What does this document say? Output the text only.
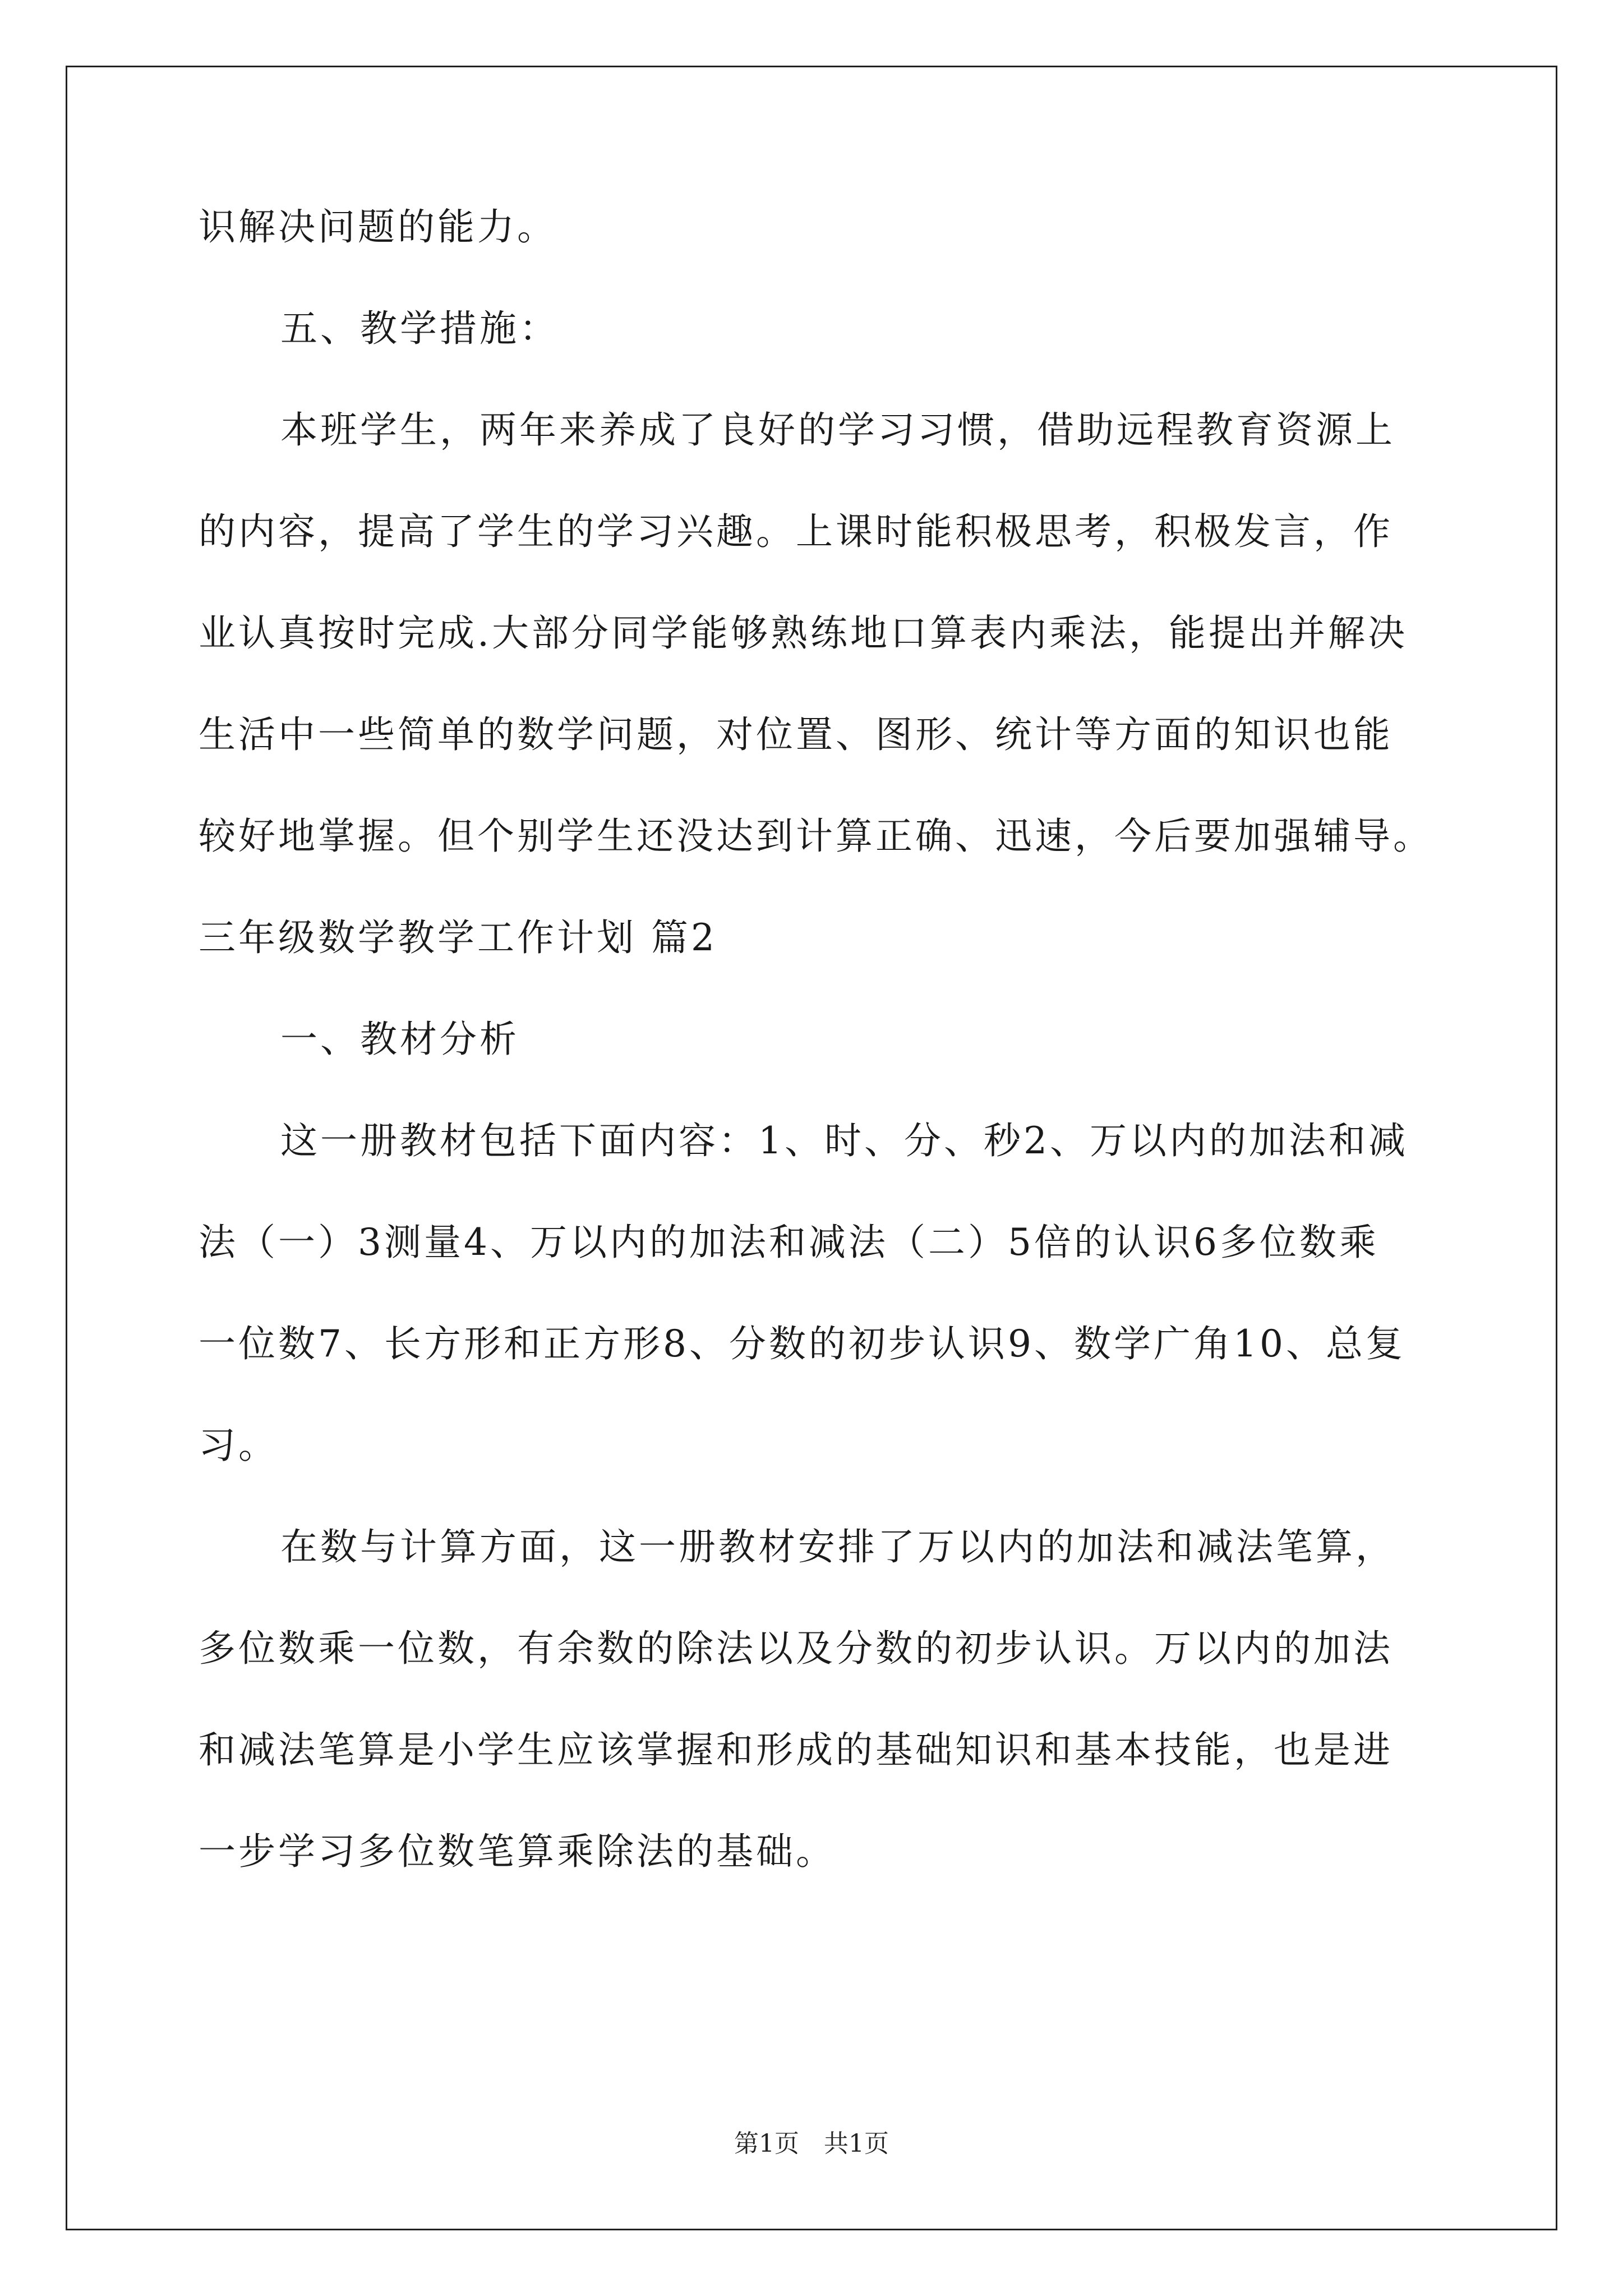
识解决问题的能力。
五、教学措施：
本班学生，两年来养成了良好的学习习惯，借助远程教育资源上
的内容，提高了学生的学习兴趣。上课时能积极思考，积极发言，作
业认真按时完成.大部分同学能够熟练地口算表内乘法，能提出并解决
生活中一些简单的数学问题，对位置、图形、统计等方面的知识也能
较好地掌握。但个别学生还没达到计算正确、迅速，今后要加强辅导。
三年级数学教学工作计划 篇2
一、教材分析
这一册教材包括下面内容：1、时、分、秒2、万以内的加法和减
法（一）3测量4、万以内的加法和减法（二）5倍的认识6多位数乘
一位数7、长方形和正方形8、分数的初步认识9、数学广角10、总复
习。
在数与计算方面，这一册教材安排了万以内的加法和减法笔算，
多位数乘一位数，有余数的除法以及分数的初步认识。万以内的加法
和减法笔算是小学生应该掌握和形成的基础知识和基本技能，也是进
一步学习多位数笔算乘除法的基础。
第1页　共1页
